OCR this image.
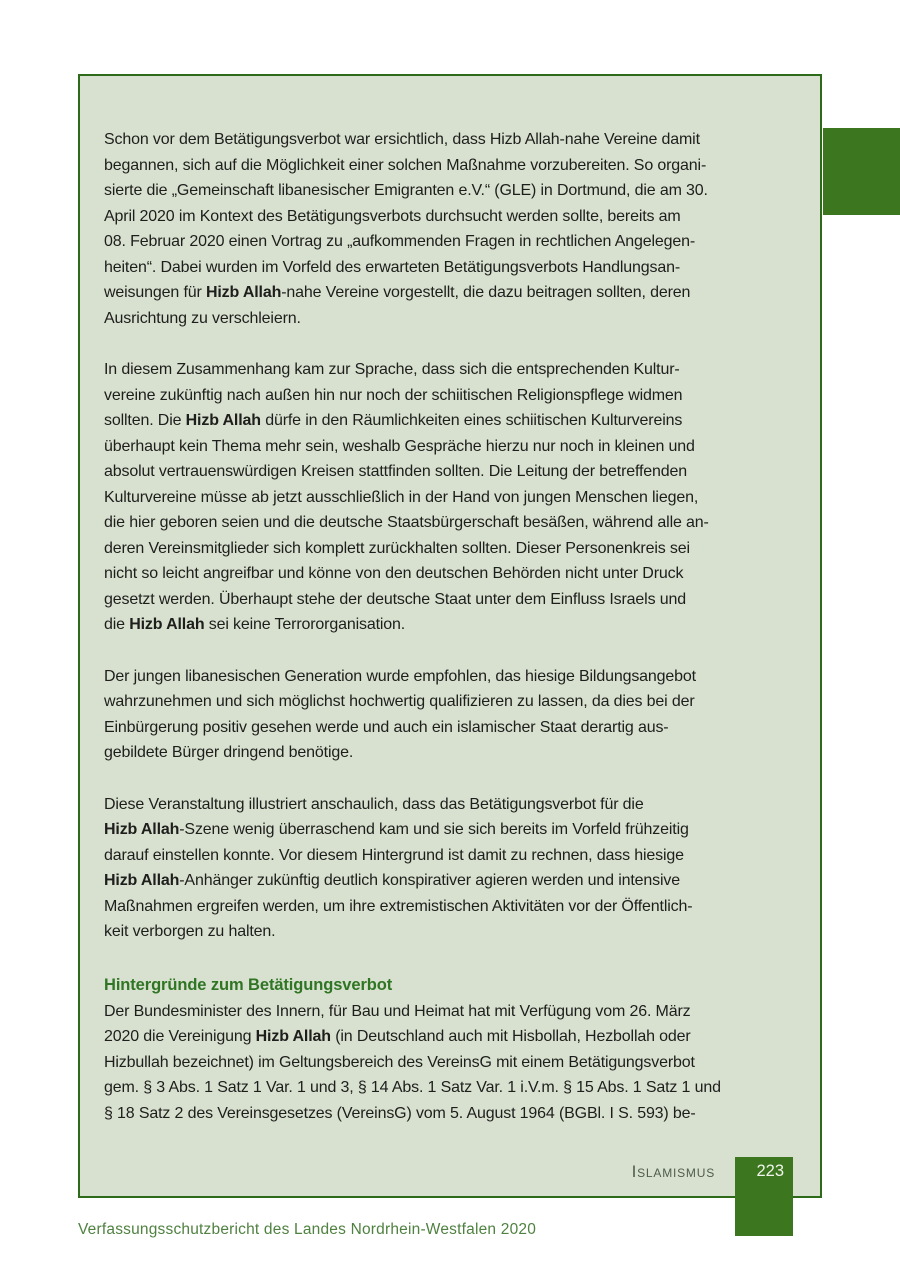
Schon vor dem Betätigungsverbot war ersichtlich, dass Hizb Allah-nahe Vereine damit
begannen, sich auf die Möglichkeit einer solchen Maßnahme vorzubereiten. So organi-
sierte die „Gemeinschaft libanesischer Emigranten e.V.“ (GLE) in Dortmund, die am 30.
April 2020 im Kontext des Betätigungsverbots durchsucht werden sollte, bereits am
08. Februar 2020 einen Vortrag zu „aufkommenden Fragen in rechtlichen Angelegen-
heiten“. Dabei wurden im Vorfeld des erwarteten Betätigungsverbots Handlungsan-
weisungen für Hizb Allah-nahe Vereine vorgestellt, die dazu beitragen sollten, deren
Ausrichtung zu verschleiern.
In diesem Zusammenhang kam zur Sprache, dass sich die entsprechenden Kultur-
vereine zukünftig nach außen hin nur noch der schiitischen Religionspflege widmen
sollten. Die Hizb Allah dürfe in den Räumlichkeiten eines schiitischen Kulturvereins
überhaupt kein Thema mehr sein, weshalb Gespräche hierzu nur noch in kleinen und
absolut vertrauenswürdigen Kreisen stattfinden sollten. Die Leitung der betreffenden
Kulturvereine müsse ab jetzt ausschließlich in der Hand von jungen Menschen liegen,
die hier geboren seien und die deutsche Staatsbürgerschaft besäßen, während alle an-
deren Vereinsmitglieder sich komplett zurückhalten sollten. Dieser Personenkreis sei
nicht so leicht angreifbar und könne von den deutschen Behörden nicht unter Druck
gesetzt werden. Überhaupt stehe der deutsche Staat unter dem Einfluss Israels und
die Hizb Allah sei keine Terrororganisation.
Der jungen libanesischen Generation wurde empfohlen, das hiesige Bildungsangebot
wahrzunehmen und sich möglichst hochwertig qualifizieren zu lassen, da dies bei der
Einbürgerung positiv gesehen werde und auch ein islamischer Staat derartig aus-
gebildete Bürger dringend benötige.
Diese Veranstaltung illustriert anschaulich, dass das Betätigungsverbot für die
Hizb Allah-Szene wenig überraschend kam und sie sich bereits im Vorfeld frühzeitig
darauf einstellen konnte. Vor diesem Hintergrund ist damit zu rechnen, dass hiesige
Hizb Allah-Anhänger zukünftig deutlich konspirativer agieren werden und intensive
Maßnahmen ergreifen werden, um ihre extremistischen Aktivitäten vor der Öffentlich-
keit verborgen zu halten.
Hintergründe zum Betätigungsverbot
Der Bundesminister des Innern, für Bau und Heimat hat mit Verfügung vom 26. März
2020 die Vereinigung Hizb Allah (in Deutschland auch mit Hisbollah, Hezbollah oder
Hizbullah bezeichnet) im Geltungsbereich des VereinsG mit einem Betätigungsverbot
gem. § 3 Abs. 1 Satz 1 Var. 1 und 3, § 14 Abs. 1 Satz Var. 1 i.V.m. § 15 Abs. 1 Satz 1 und
§ 18 Satz 2 des Vereinsgesetzes (VereinsG) vom 5. August 1964 (BGBl. I S. 593) be-
Islamismus	223
Verfassungsschutzbericht des Landes Nordrhein-Westfalen 2020
